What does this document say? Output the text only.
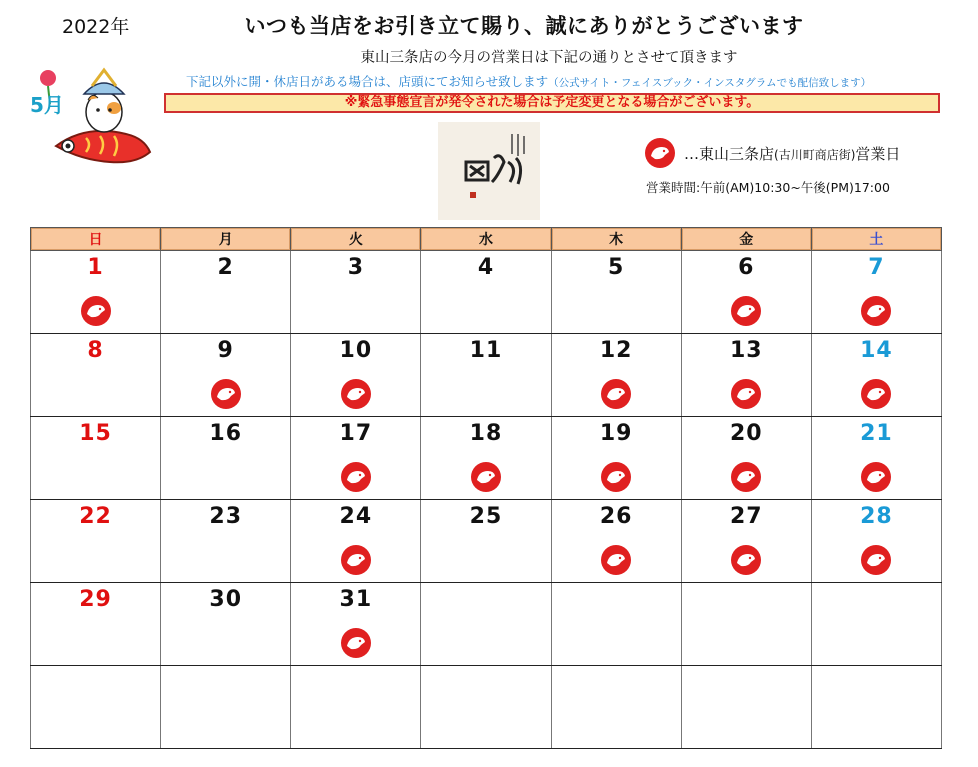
2022年	いつも当店をお引き立て賜り、誠にありがとうございます
東山三条店の今月の営業日は下記の通りとさせて頂きます
下記以外に開・休店日がある場合は、店頭にてお知らせ致します（公式サイト・フェイスブック・インスタグラムでも配信致します）
※緊急事態宣言が発令された場合は予定変更となる場合がございます。
5月
…東山三条店(古川町商店街)営業日
営業時間:午前(AM)10:30~午後(PM)17:00
日	月	火	水	木	金	土

1	2	3	4	5	6	7

8	9	10	11	12	13	14

15	16	17	18	19	20	21

22	23	24	25	26	27	28

29	30	31				
